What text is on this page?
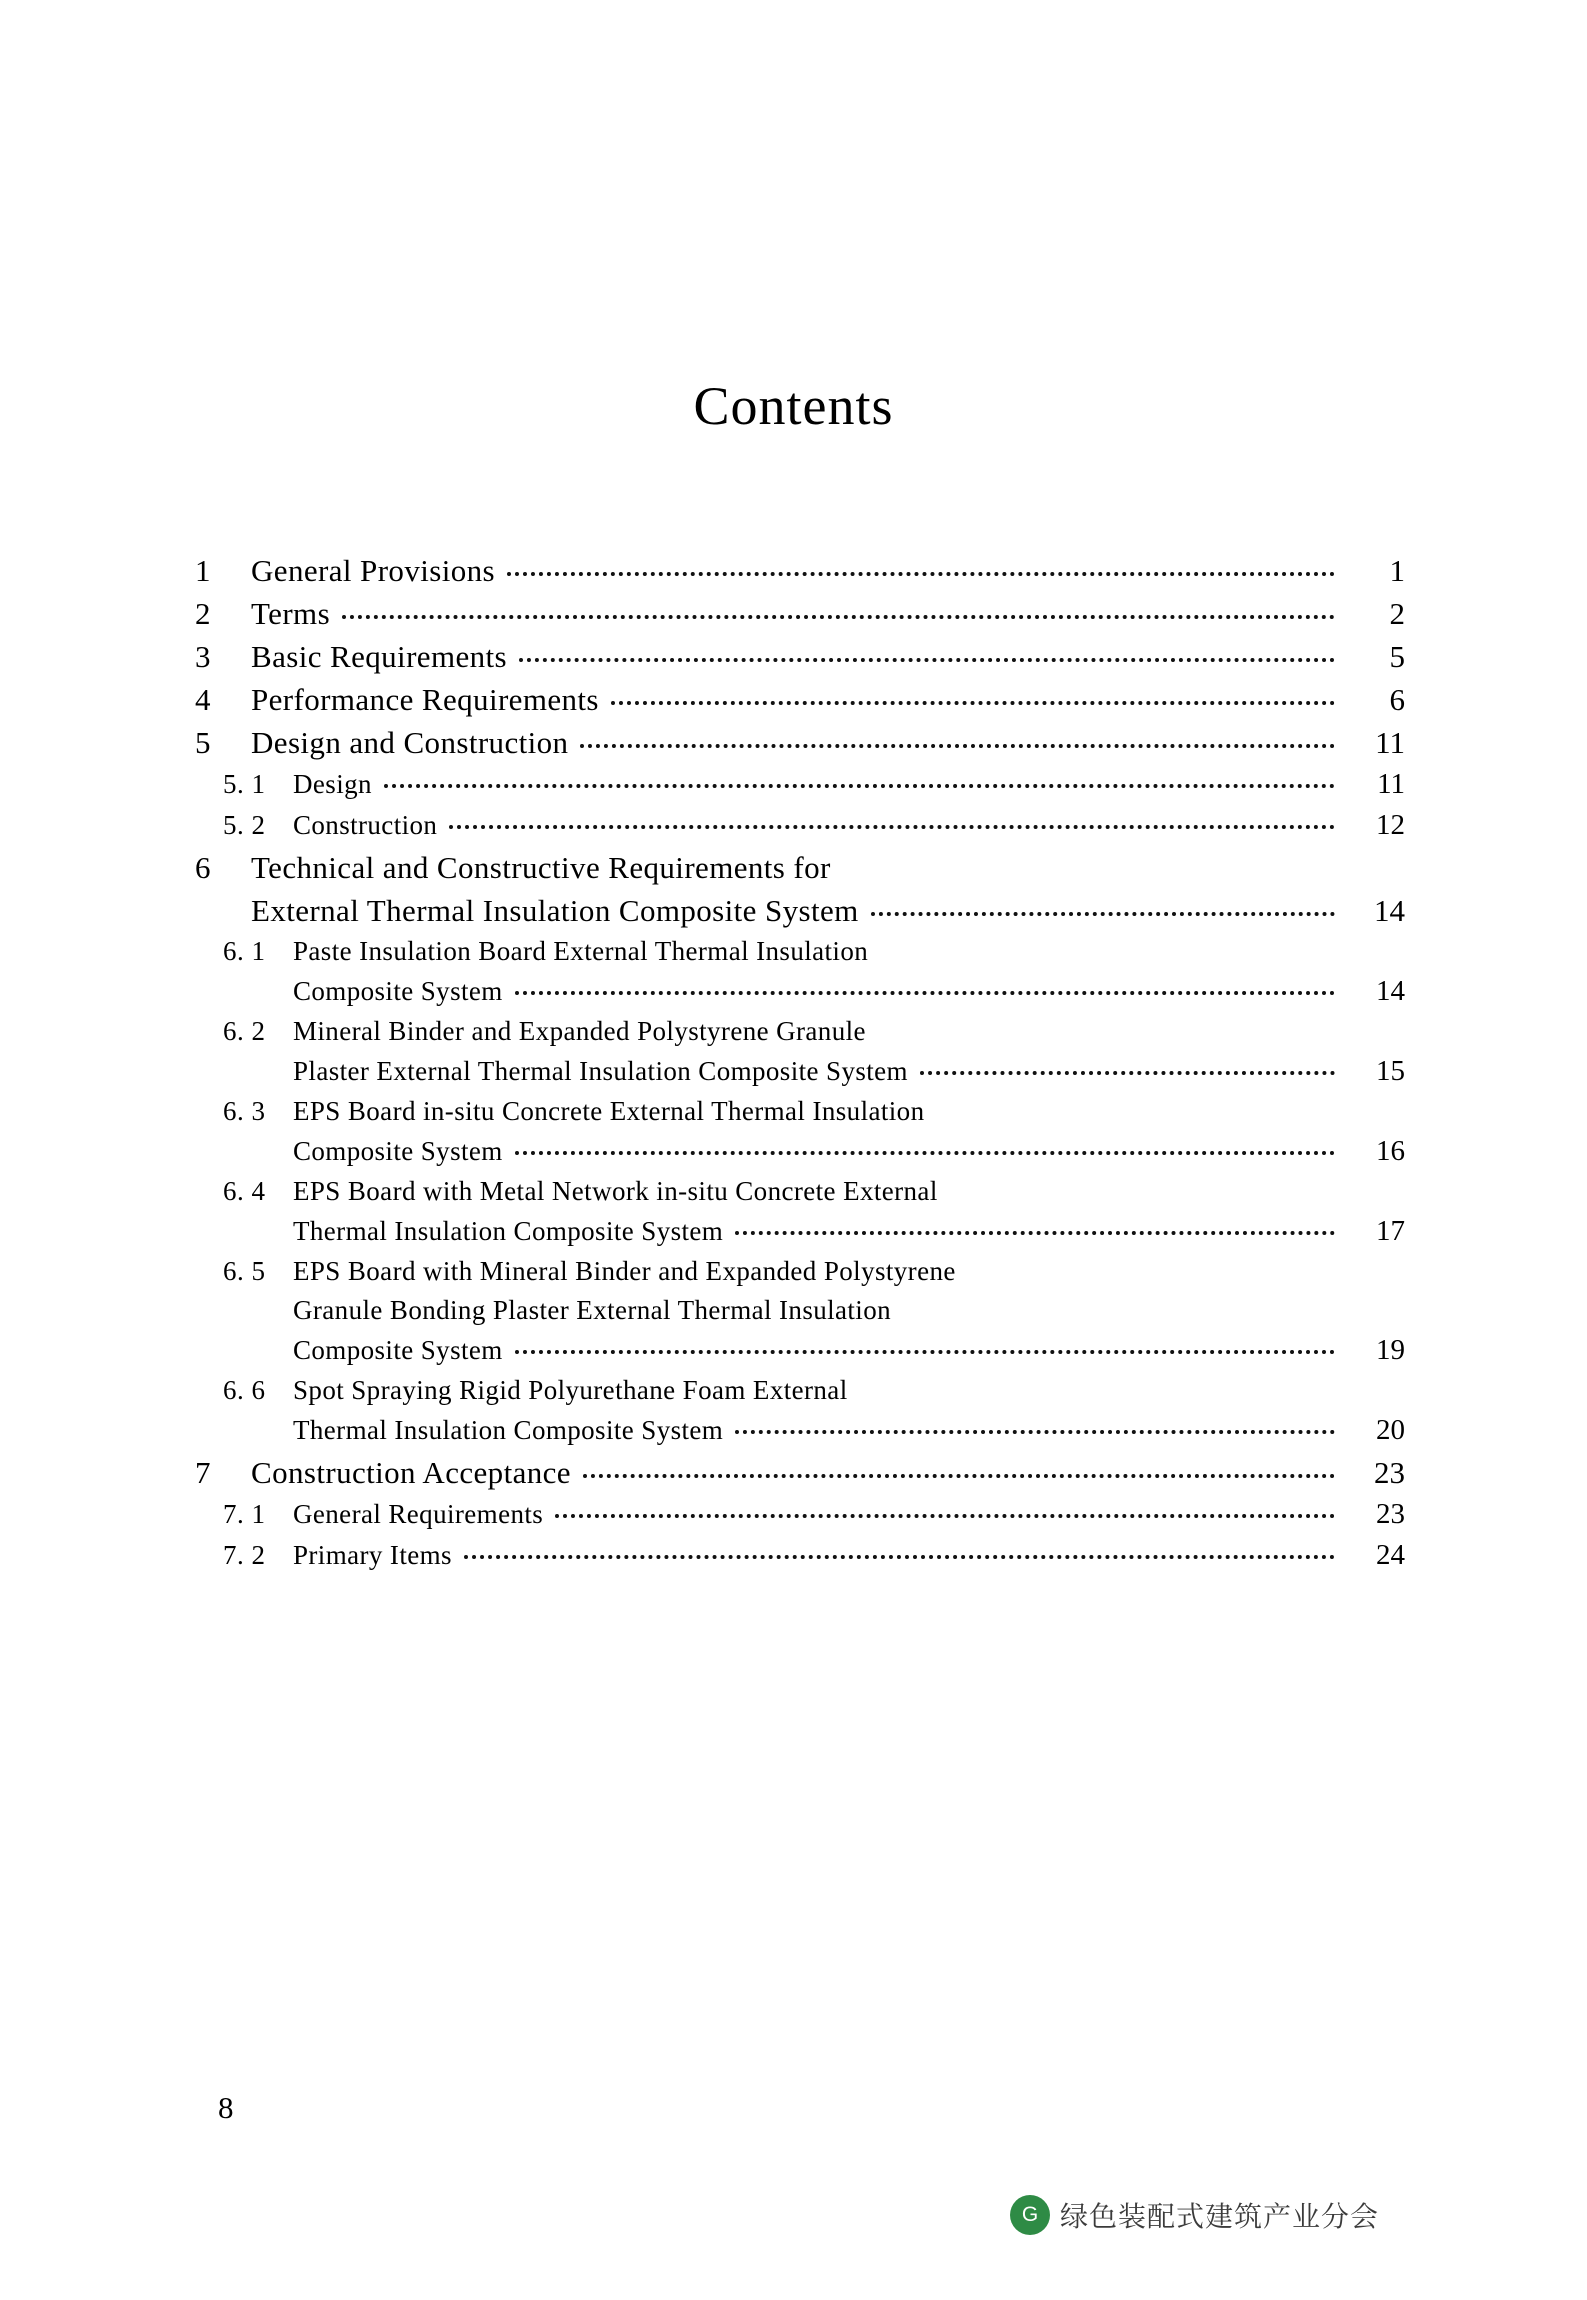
Contents
1	General Provisions	1
2	Terms	2
3	Basic Requirements	5
4	Performance Requirements	6
5	Design and Construction	11
5. 1	Design	11
5. 2	Construction	12
6	Technical and Constructive Requirements for
External Thermal Insulation Composite System	14
6. 1	Paste Insulation Board External Thermal Insulation
Composite System	14
6. 2	Mineral Binder and Expanded Polystyrene Granule
Plaster External Thermal Insulation Composite System	15
6. 3	EPS Board in-situ Concrete External Thermal Insulation
Composite System	16
6. 4	EPS Board with Metal Network in-situ Concrete External
Thermal Insulation Composite System	17
6. 5	EPS Board with Mineral Binder and Expanded Polystyrene
Granule Bonding Plaster External Thermal Insulation
Composite System	19
6. 6	Spot Spraying Rigid Polyurethane Foam External
Thermal Insulation Composite System	20
7	Construction Acceptance	23
7. 1	General Requirements	23
7. 2	Primary Items	24
8
G 绿色装配式建筑产业分会
